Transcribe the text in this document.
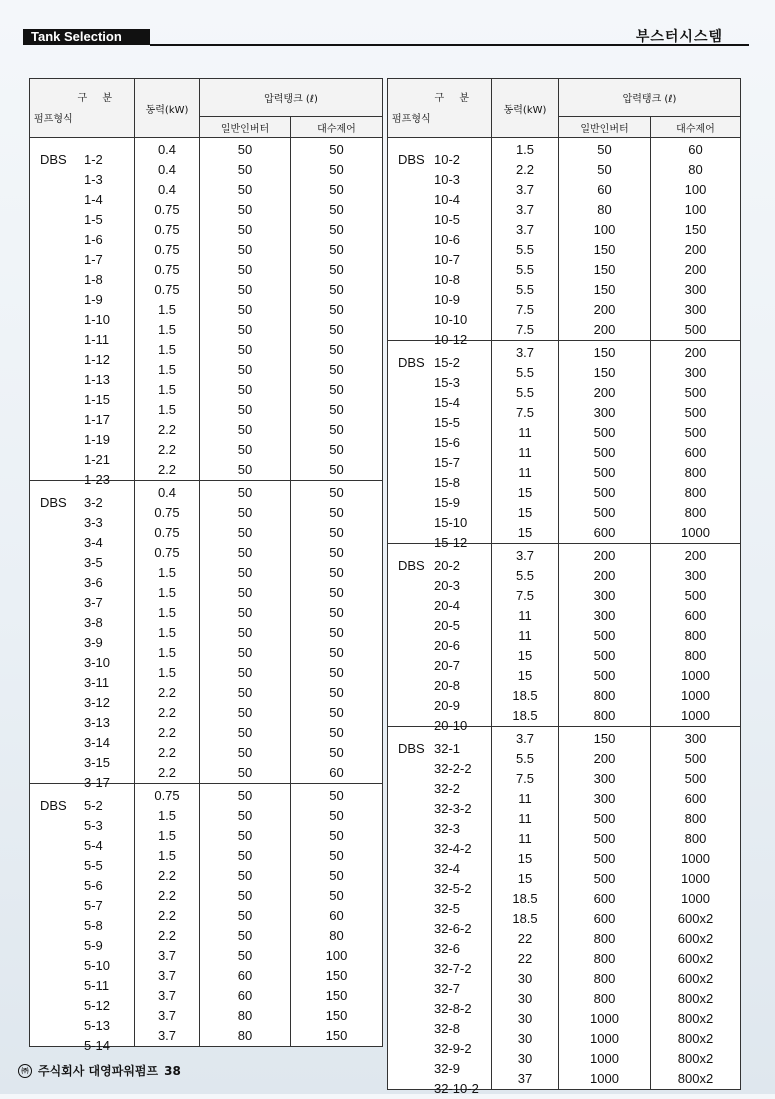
Tank Selection	부스터시스템
구 분
펌프형식	동력(kW)	압력탱크 (ℓ)	
		일반인버터	대수제어

DBS 1-2	0.4	50	50

1-3	0.4	50	50

1-4	0.4	50	50

1-5	0.75	50	50

1-6	0.75	50	50

1-7	0.75	50	50

1-8	0.75	50	50

1-9	0.75	50	50

1-10	1.5	50	50

1-11	1.5	50	50

1-12	1.5	50	50

1-13	1.5	50	50

1-15	1.5	50	50

1-17	1.5	50	50

1-19	2.2	50	50

1-21	2.2	50	50

1-23	2.2	50	50

DBS 3-2	0.4	50	50

3-3	0.75	50	50

3-4	0.75	50	50

3-5	0.75	50	50

3-6	1.5	50	50

3-7	1.5	50	50

3-8	1.5	50	50

3-9	1.5	50	50

3-10	1.5	50	50

3-11	1.5	50	50

3-12	2.2	50	50

3-13	2.2	50	50

3-14	2.2	50	50

3-15	2.2	50	50

3-17	2.2	50	60

DBS 5-2	0.75	50	50

5-3	1.5	50	50

5-4	1.5	50	50

5-5	1.5	50	50

5-6	2.2	50	50

5-7	2.2	50	50

5-8	2.2	50	60

5-9	2.2	50	80

5-10	3.7	50	100

5-11	3.7	60	150

5-12	3.7	60	150

5-13	3.7	80	150

5-14	3.7	80	150
구 분
펌프형식	동력(kW)	압력탱크 (ℓ)	
		일반인버터	대수제어

DBS 10-2	1.5	50	60

10-3	2.2	50	80

10-4	3.7	60	100

10-5	3.7	80	100

10-6	3.7	100	150

10-7	5.5	150	200

10-8	5.5	150	200

10-9	5.5	150	300

10-10	7.5	200	300

10-12	7.5	200	500

DBS 15-2	3.7	150	200

15-3	5.5	150	300

15-4	5.5	200	500

15-5	7.5	300	500

15-6	11	500	500

15-7	11	500	600

15-8	11	500	800

15-9	15	500	800

15-10	15	500	800

15-12	15	600	1000

DBS 20-2	3.7	200	200

20-3	5.5	200	300

20-4	7.5	300	500

20-5	11	300	600

20-6	11	500	800

20-7	15	500	800

20-8	15	500	1000

20-9	18.5	800	1000

20-10	18.5	800	1000

DBS 32-1	3.7	150	300

32-2-2	5.5	200	500

32-2	7.5	300	500

32-3-2	11	300	600

32-3	11	500	800

32-4-2	11	500	800

32-4	15	500	1000

32-5-2	15	500	1000

32-5	18.5	600	1000

32-6-2	18.5	600	600x2

32-6	22	800	600x2

32-7-2	22	800	600x2

32-7	30	800	600x2

32-8-2	30	800	800x2

32-8	30	1000	800x2

32-9-2	30	1000	800x2

32-9	30	1000	800x2

32-10-2	37	1000	800x2
㈜ 주식회사 대영파워펌프 38
